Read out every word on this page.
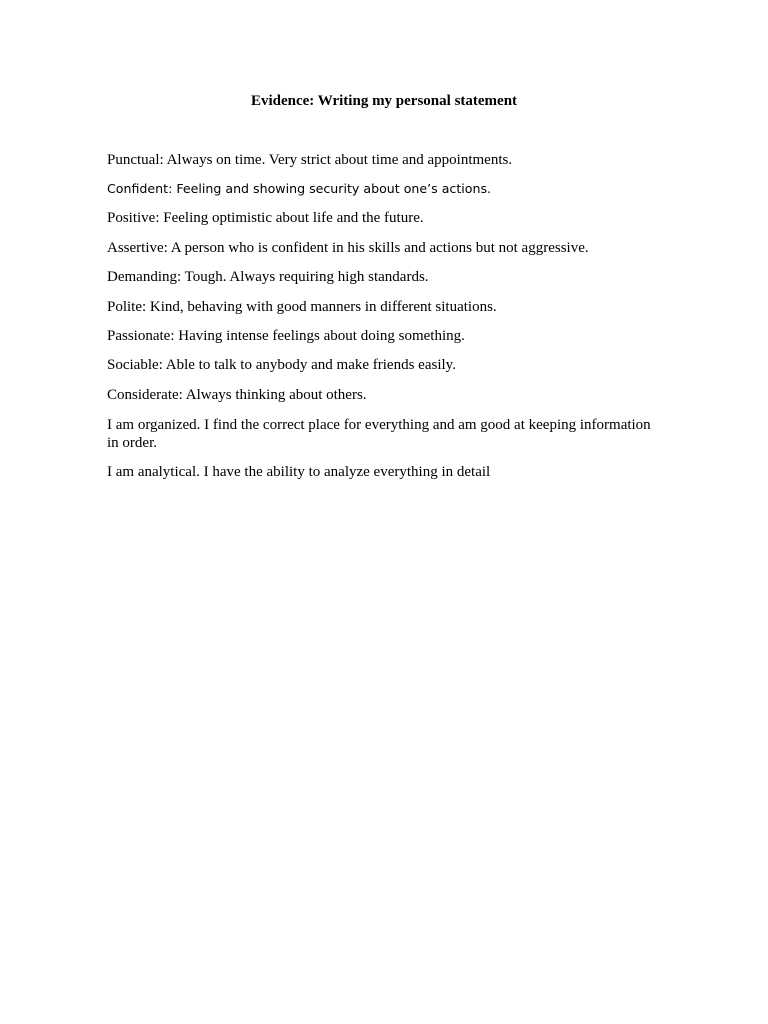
Evidence: Writing my personal statement

Punctual: Always on time. Very strict about time and appointments.

Confident: Feeling and showing security about one’s actions.

Positive: Feeling optimistic about life and the future.

Assertive: A person who is confident in his skills and actions but not aggressive.

Demanding: Tough. Always requiring high standards.

Polite: Kind, behaving with good manners in different situations.

Passionate: Having intense feelings about doing something.

Sociable: Able to talk to anybody and make friends easily.

Considerate: Always thinking about others.

I am organized. I find the correct place for everything and am good at keeping information
in order.

I am analytical. I have the ability to analyze everything in detail
